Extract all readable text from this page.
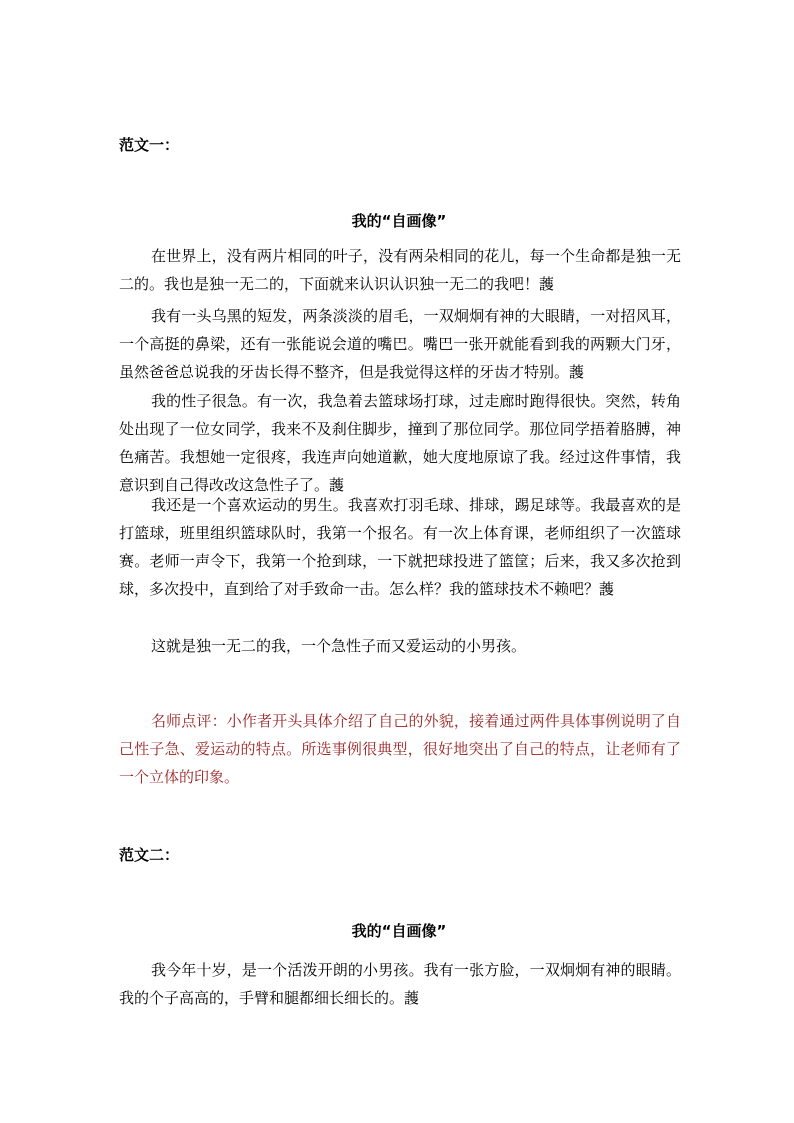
范文一：
我的“自画像”

在世界上，没有两片相同的叶子，没有两朵相同的花儿，每一个生命都是独一无二的。我也是独一无二的，下面就来认识认识独一无二的我吧！䕶

我有一头乌黑的短发，两条淡淡的眉毛，一双炯炯有神的大眼睛，一对招风耳，一个高挺的鼻梁，还有一张能说会道的嘴巴。嘴巴一张开就能看到我的两颗大门牙，虽然爸爸总说我的牙齿长得不整齐，但是我觉得这样的牙齿才特别。䕶

我的性子很急。有一次，我急着去篮球场打球，过走廊时跑得很快。突然，转角处出现了一位女同学，我来不及刹住脚步，撞到了那位同学。那位同学捂着胳膊，神色痛苦。我想她一定很疼，我连声向她道歉，她大度地原谅了我。经过这件事情，我意识到自己得改改这急性子了。䕶

我还是一个喜欢运动的男生。我喜欢打羽毛球、排球，踢足球等。我最喜欢的是打篮球，班里组织篮球队时，我第一个报名。有一次上体育课，老师组织了一次篮球赛。老师一声令下，我第一个抢到球，一下就把球投进了篮筐；后来，我又多次抢到球，多次投中，直到给了对手致命一击。怎么样？我的篮球技术不赖吧？䕶

这就是独一无二的我，一个急性子而又爱运动的小男孩。

名师点评：小作者开头具体介绍了自己的外貌，接着通过两件具体事例说明了自己性子急、爱运动的特点。所选事例很典型，很好地突出了自己的特点，让老师有了一个立体的印象。

范文二：
我的“自画像”

我今年十岁，是一个活泼开朗的小男孩。我有一张方脸，一双炯炯有神的眼睛。我的个子高高的，手臂和腿都细长细长的。䕶
